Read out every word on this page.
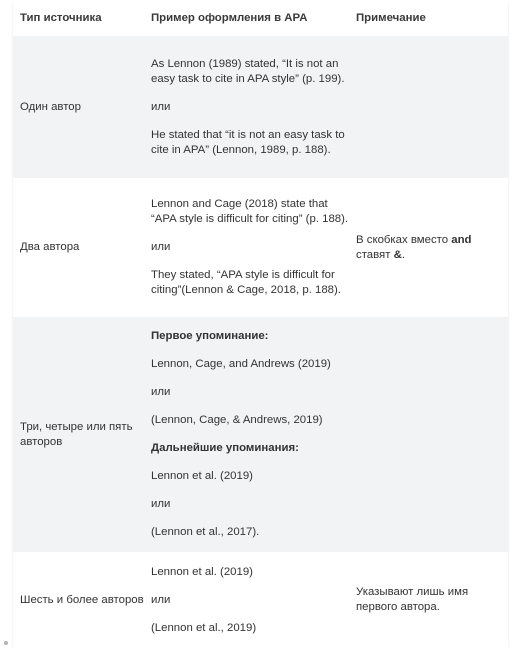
Тип источника	Пример оформления в APA	Примечание
Один автор

As Lennon (1989) stated, “It is not an easy task to cite in APA style” (p. 199).

или

He stated that “it is not an easy task to cite in APA” (Lennon, 1989, p. 188).

Два автора

Lennon and Cage (2018) state that “APA style is difficult for citing” (p. 188).

или

They stated, “APA style is difficult for citing”(Lennon & Cage, 2018, p. 188).

В скобках вместо and ставят &.
Три, четыре или пять авторов

Первое упоминание:

Lennon, Cage, and Andrews (2019)

или

(Lennon, Cage, & Andrews, 2019)

Дальнейшие упоминания:

Lennon et al. (2019)

или

(Lennon et al., 2017).

Шесть и более авторов

Lennon et al. (2019)

или

(Lennon et al., 2019)

Указывают лишь имя первого автора.
